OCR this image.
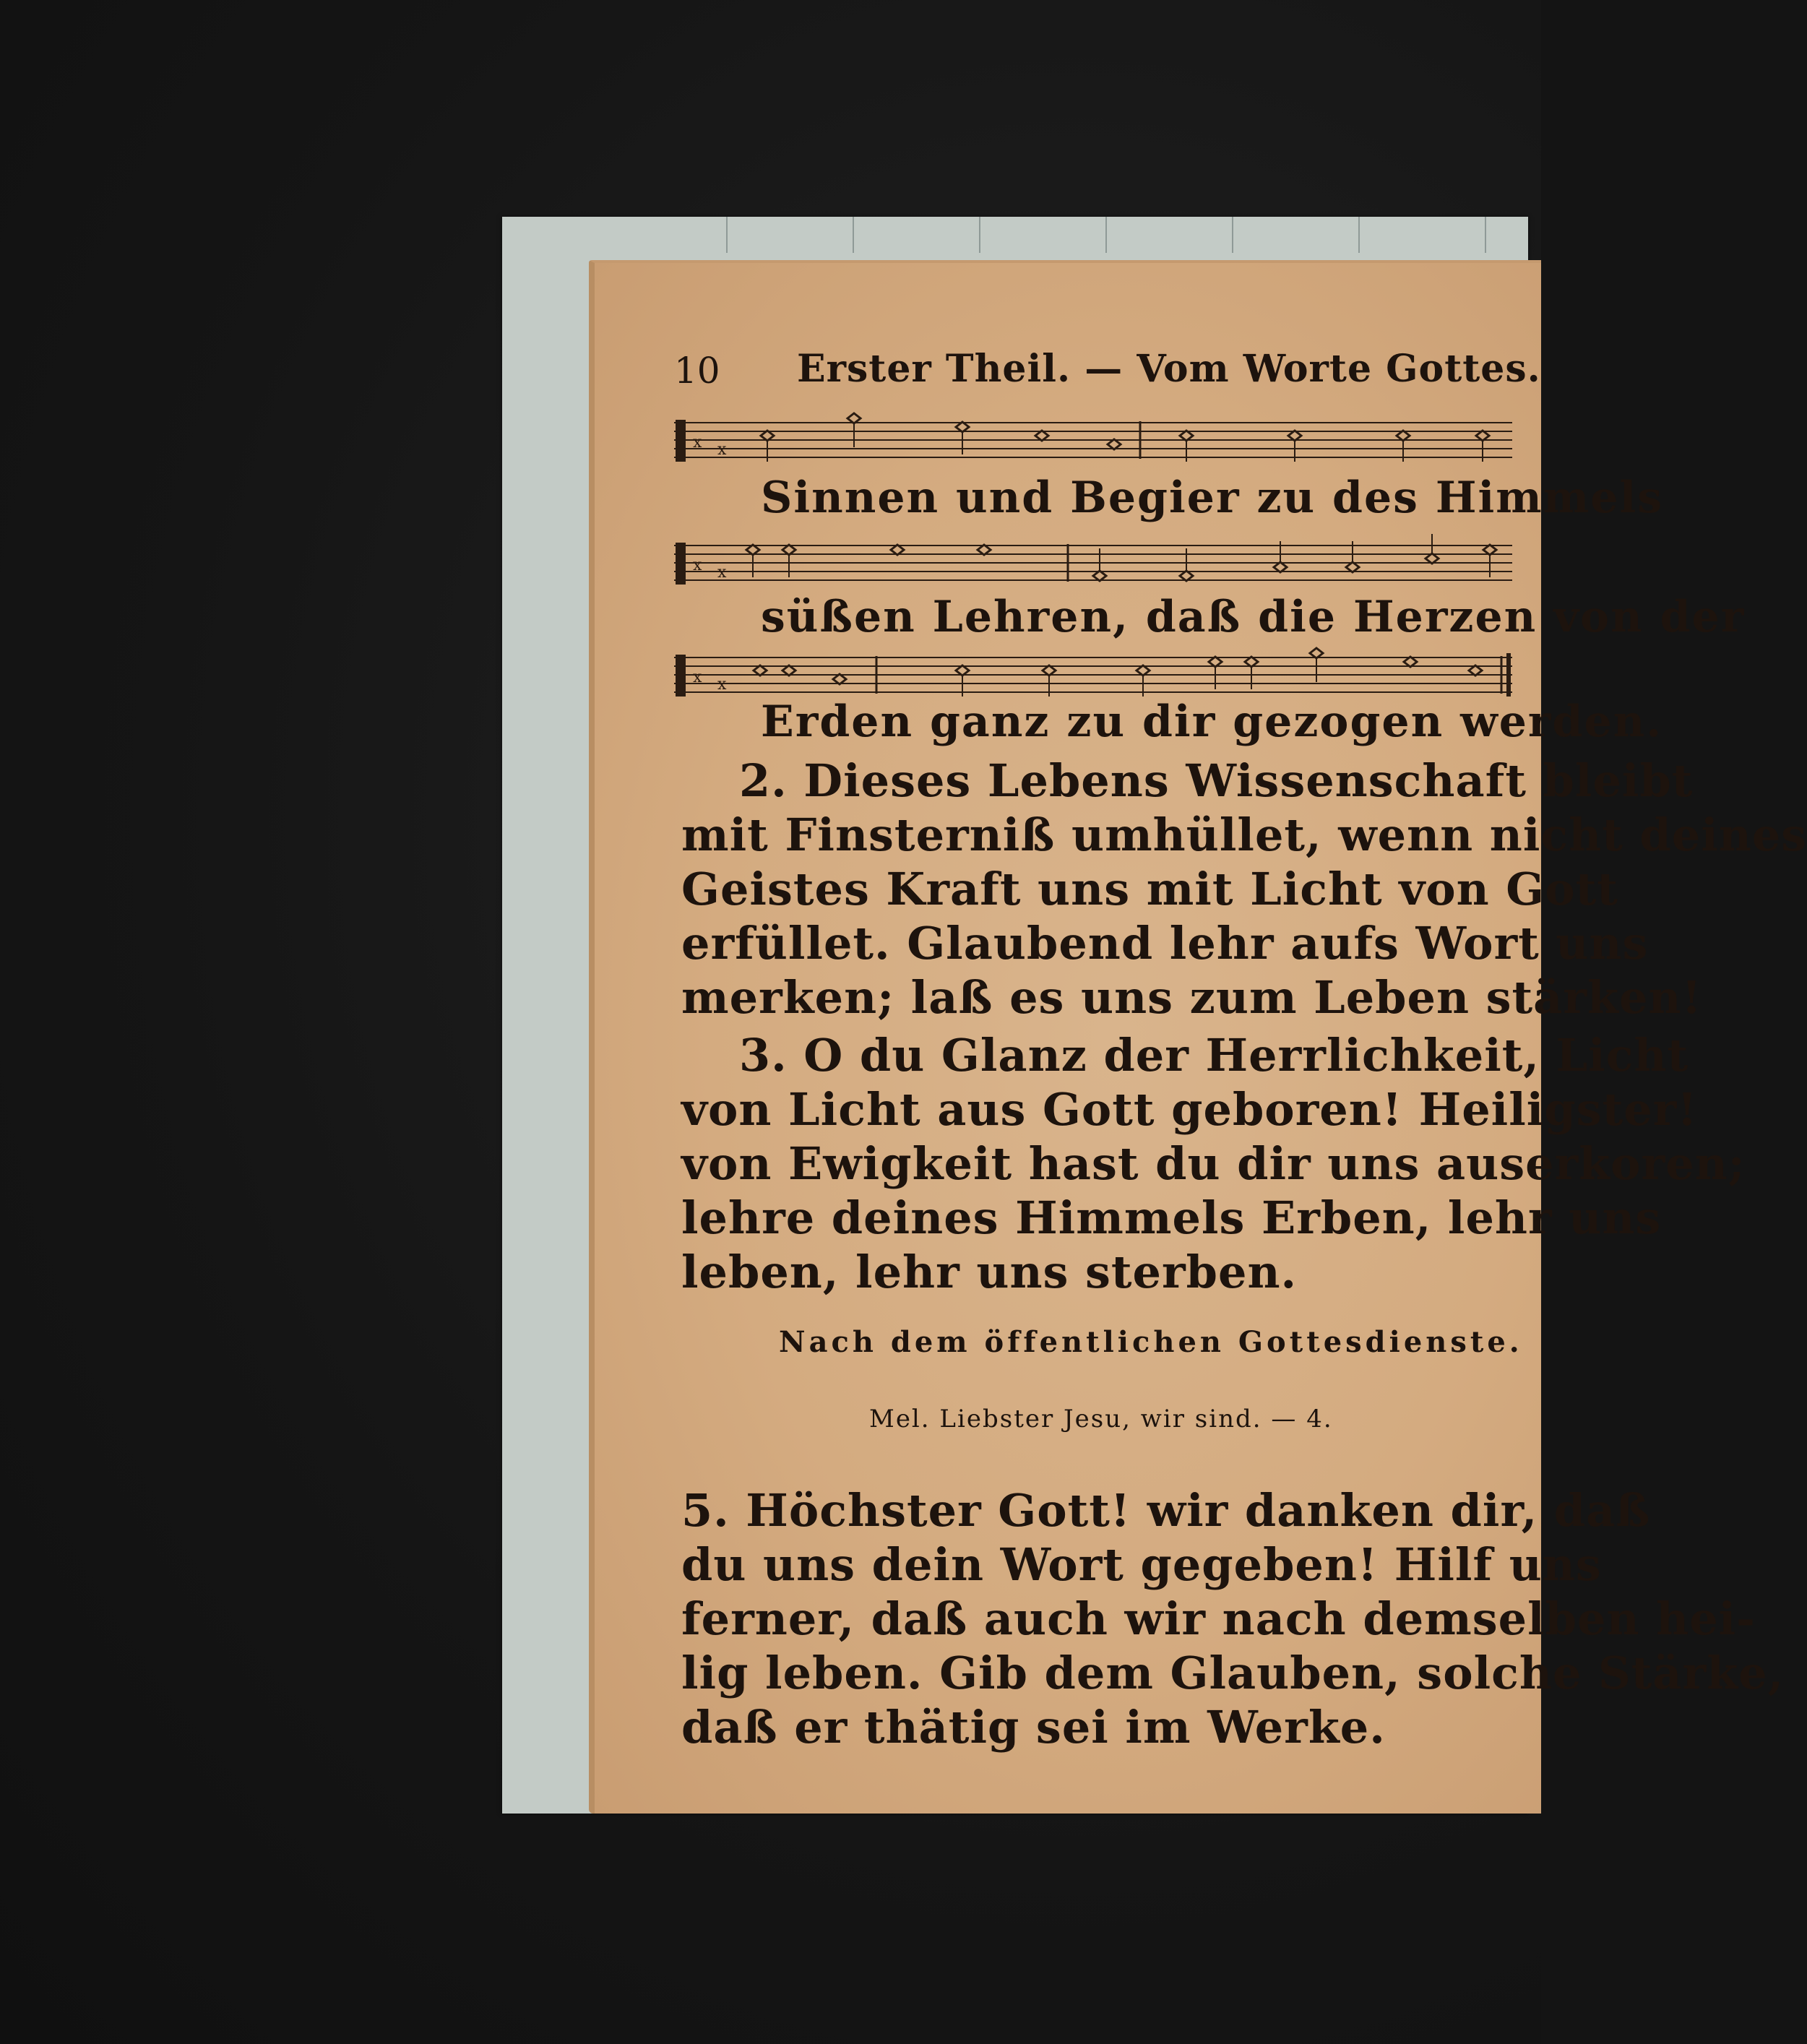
10 Erster Theil. — Vom Worte Gottes.
x x
Sinnen und Begier zu des Himmels
x x
süßen Lehren, daß die Herzen von der
x x
Erden ganz zu dir gezogen werden.
2. Dieses Lebens Wissenschaft bleibt
mit Finsterniß umhüllet, wenn nicht deines
Geistes Kraft uns mit Licht von Gott
erfüllet. Glaubend lehr aufs Wort uns
merken; laß es uns zum Leben stärken!
3. O du Glanz der Herrlichkeit, Licht
von Licht aus Gott geboren! Heiligster!
von Ewigkeit hast du dir uns auserkoren;
lehre deines Himmels Erben, lehr uns
leben, lehr uns sterben.
Nach dem öffentlichen Gottesdienste.
Mel. Liebster Jesu, wir sind. — 4.
5. Höchster Gott! wir danken dir, daß
du uns dein Wort gegeben! Hilf uns
ferner, daß auch wir nach demselben hei-
lig leben. Gib dem Glauben, solche Stärke,
daß er thätig sei im Werke.
